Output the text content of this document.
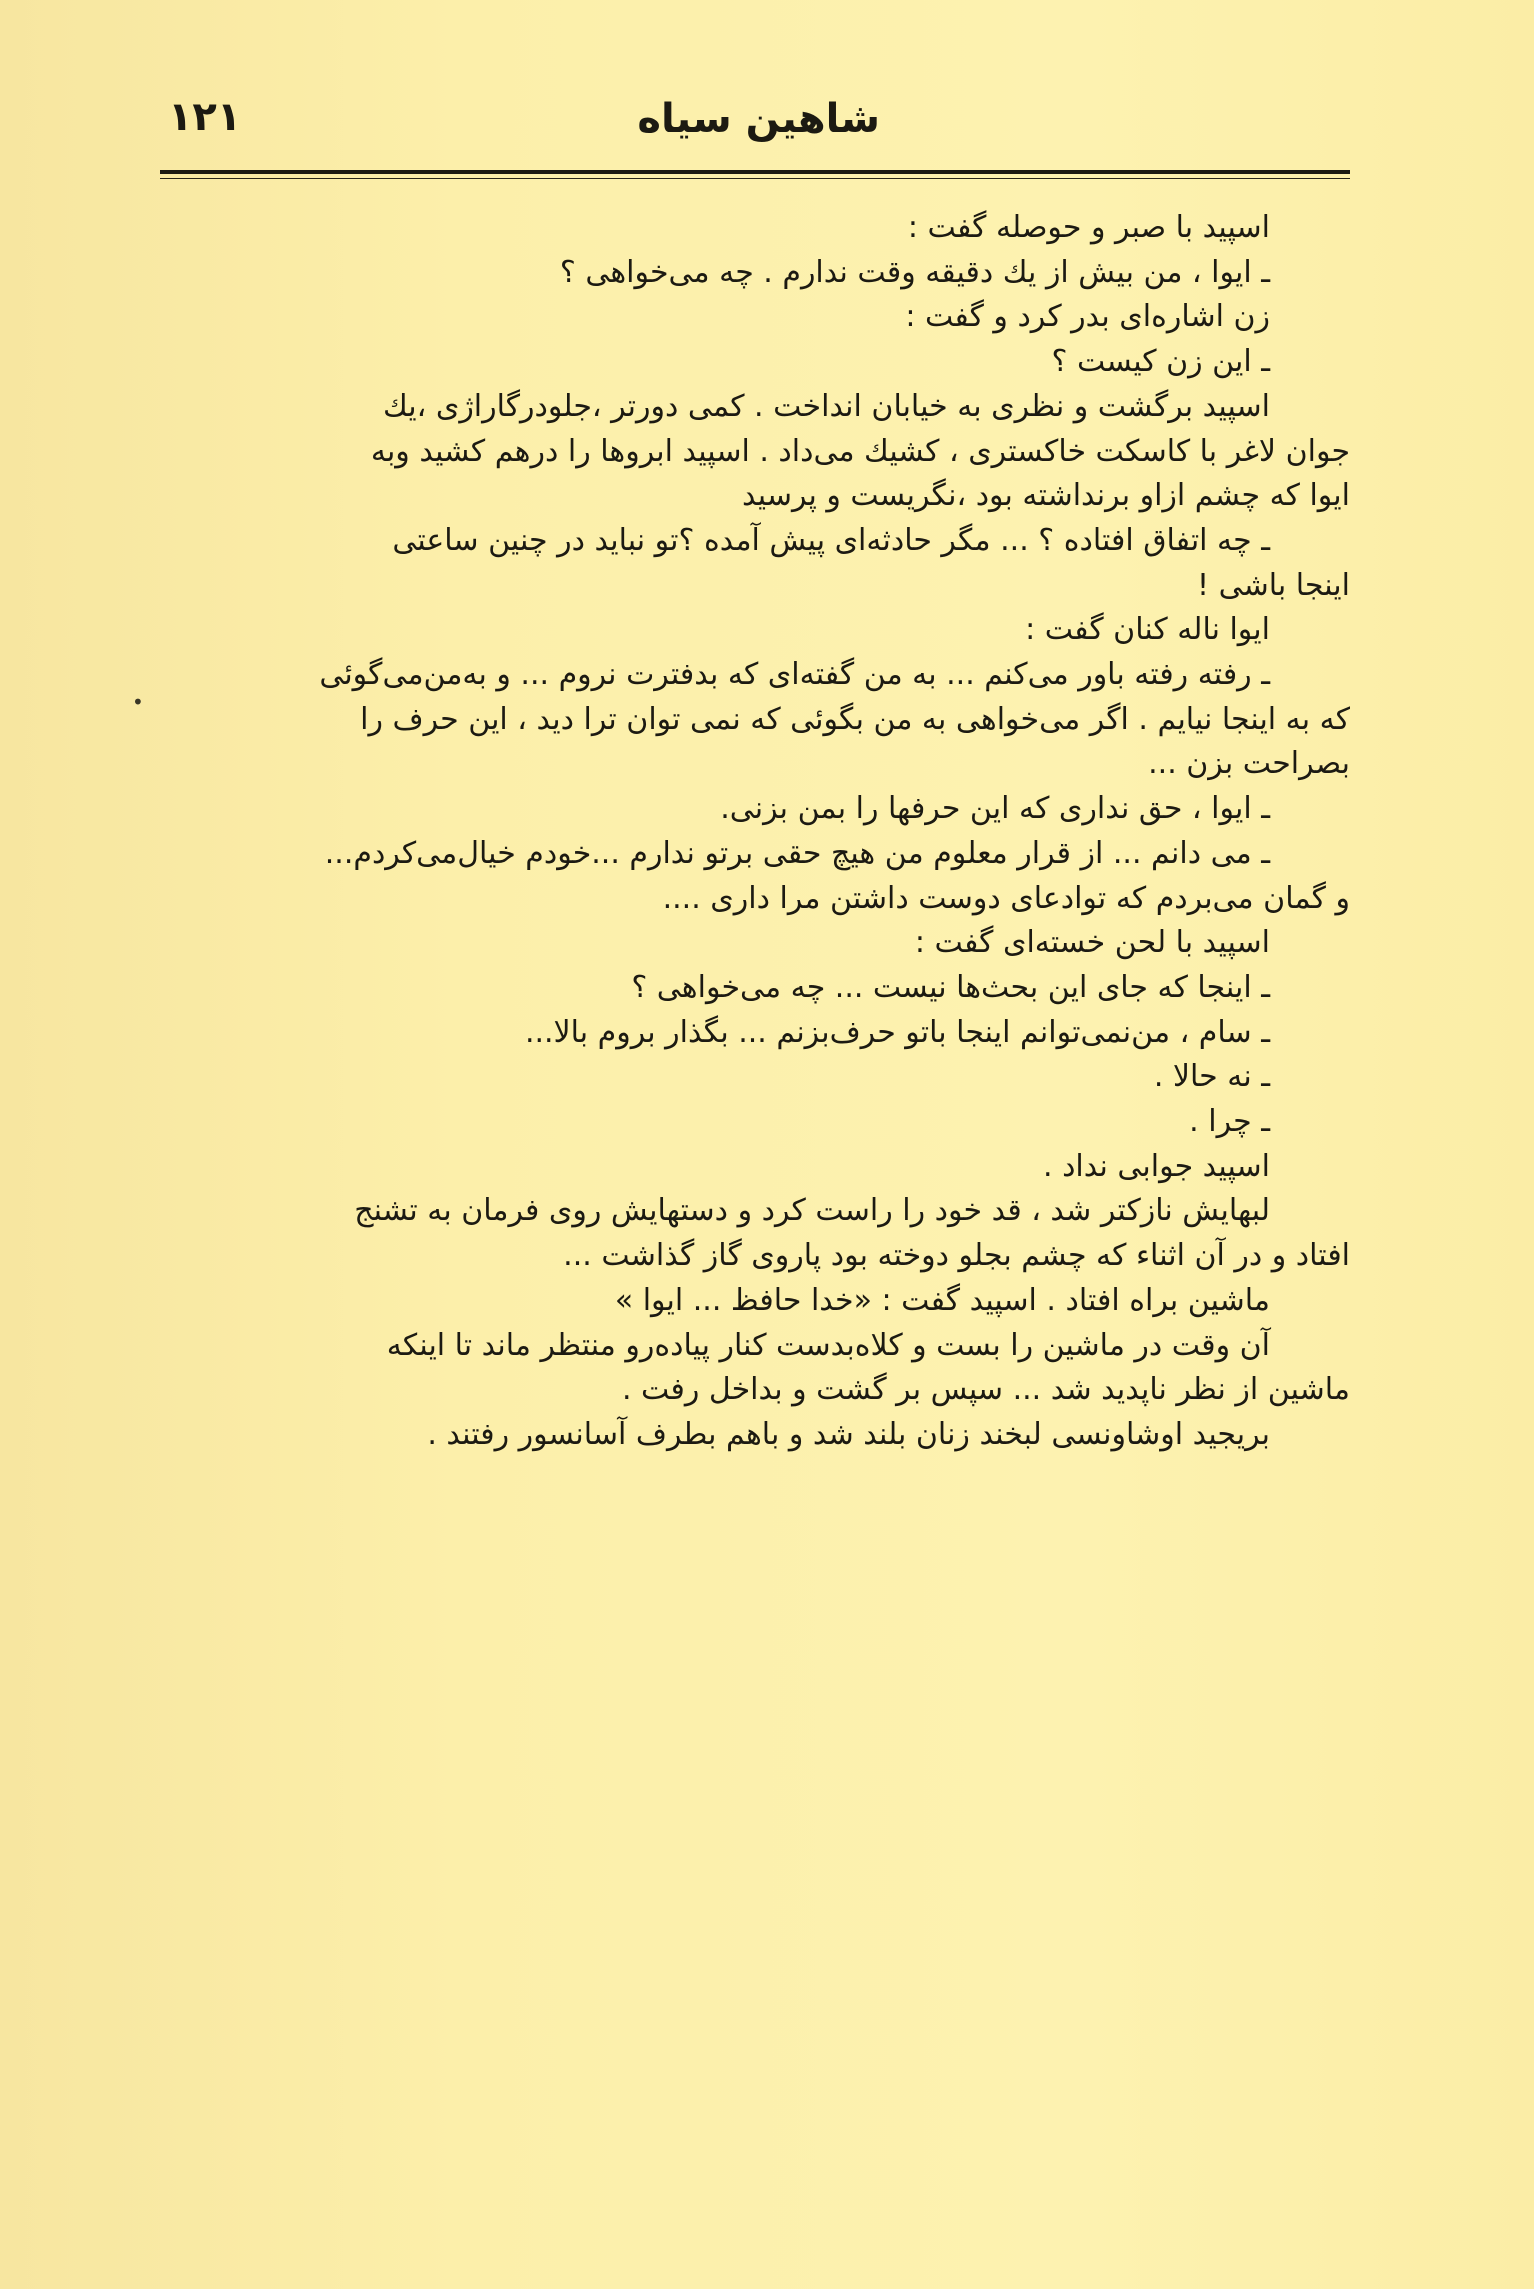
شاهین سیاه
۱۲۱
اسپید با صبر و حوصله گفت :
ـ ایوا ، من بیش از یك دقیقه وقت ندارم . چه می‌خواهی ؟
زن اشاره‌ای بدر کرد و گفت :
ـ این زن کیست ؟
اسپید برگشت و نظری به خیابان انداخت . کمی دورتر ،جلودرگاراژی ،یك
جوان لاغر با کاسکت خاکستری ، کشیك می‌داد . اسپید ابروها را درهم کشید وبه
ایوا که چشم ازاو برنداشته بود ،نگریست و پرسید
ـ چه اتفاق افتاده ؟ ... مگر حادثه‌ای پیش آمده ؟تو نباید در چنین ساعتی
اینجا باشی !
ایوا ناله کنان گفت :
ـ رفته رفته باور می‌کنم ... به من گفته‌ای که بدفترت نروم ... و به‌من‌می‌گوئی
که به اینجا نیایم . اگر می‌خواهی به من بگوئی که نمی توان ترا دید ، این حرف را
بصراحت بزن ...
ـ ایوا ، حق نداری که این حرفها را بمن بزنی.
ـ می دانم ... از قرار معلوم من هیچ حقی برتو ندارم ...خودم خیال‌می‌کردم...
و گمان می‌بردم که توادعای دوست داشتن مرا داری ....
اسپید با لحن خسته‌ای گفت :
ـ اینجا که جای این بحث‌ها نیست ... چه می‌خواهی ؟
ـ سام ، من‌نمی‌توانم اینجا باتو حرف‌بزنم ... بگذار بروم بالا...
ـ نه حالا .
ـ چرا .
اسپید جوابی نداد .
لبهایش نازکتر شد ، قد خود را راست کرد و دستهایش روی فرمان به تشنج
افتاد و در آن اثناء که چشم بجلو دوخته بود پاروی گاز گذاشت ...
ماشین براه افتاد . اسپید گفت : «خدا حافظ ... ایوا »
آن وقت در ماشین را بست و کلاه‌بدست کنار پیاده‌رو منتظر ماند تا اینکه
ماشین از نظر ناپدید شد ... سپس بر گشت و بداخل رفت .
بریجید اوشاونسی لبخند زنان بلند شد و باهم بطرف آسانسور رفتند .
•
